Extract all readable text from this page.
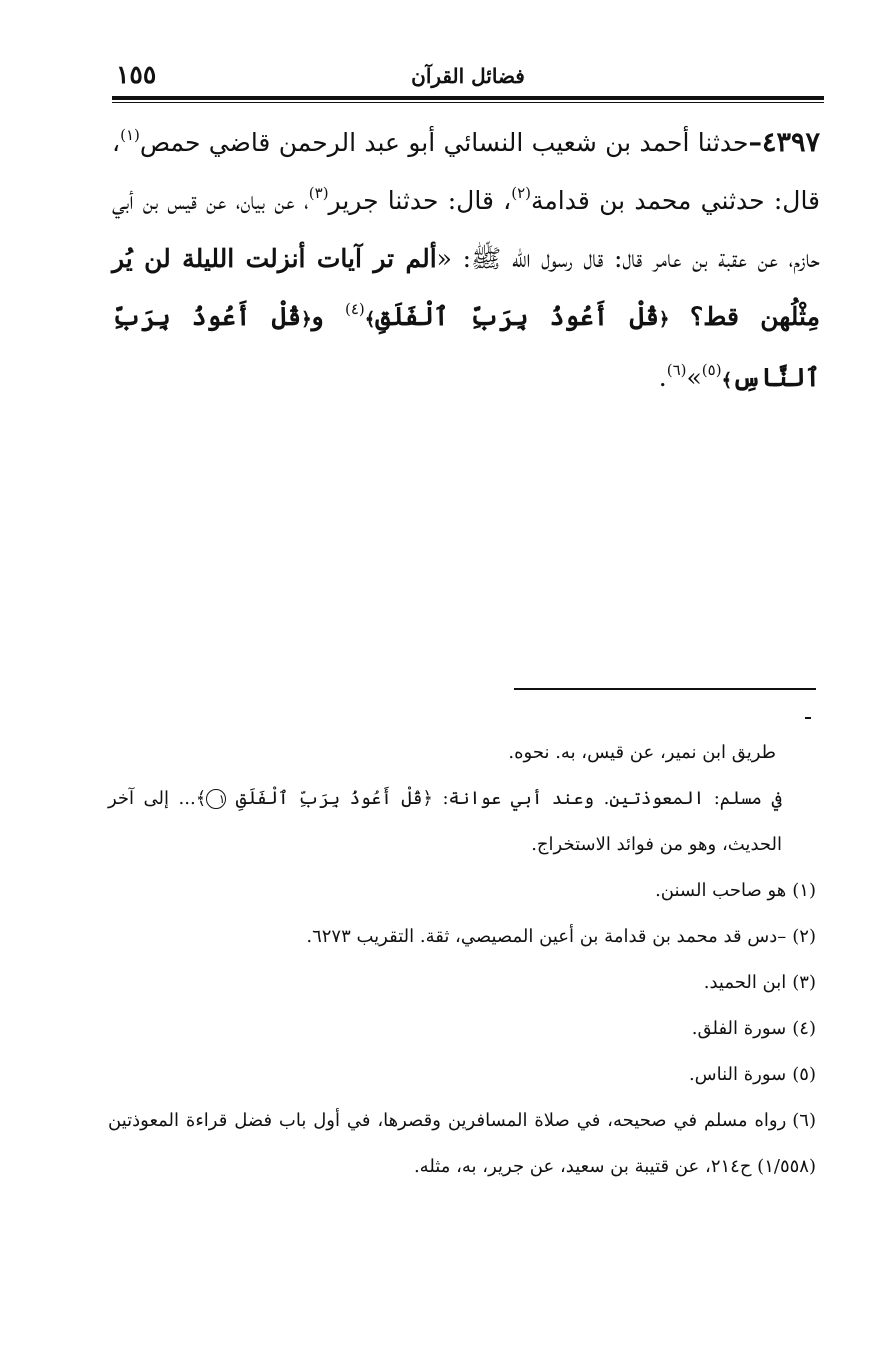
١٥٥	فضائل القرآن
٤٣٩٧–حدثنا أحمد بن شعيب النسائي أبو عبد الرحمن قاضي حمص$^{(١)}$، قال: حدثني محمد بن قدامة$^{(٢)}$، قال: حدثنا جرير$^{(٣)}$، عن بيان، عن قيس بن أبي حازم، عن عقبة بن عامر قال: قال رسول الله ﷺ: «ألم تر آيات أنزلت الليلة لن يُر مِثْلُهن قط؟ ﴿قُلْ أَعُوذُ بِرَبِّ ٱلْفَلَقِ﴾$^{(٤)}$ و﴿قُلْ أَعُوذُ بِرَبِّ ٱلنَّاسِ﴾$^{(٥)}$»$^{(٦)}$.

طريق ابن نمير، عن قيس، به. نحوه.

في مسلم: المعوذتين. وعند أبي عوانة: ﴿قُلْ أَعُوذُ بِرَبِّ ٱلْفَلَقِ ١﴾... إلى آخر الحديث، وهو من فوائد الاستخراج.

(١)هو صاحب السنن.

(٢)–دس قد محمد بن قدامة بن أعين المصيصي، ثقة. التقريب ٦٢٧٣.

(٣)ابن الحميد.

(٤)سورة الفلق.

(٥)سورة الناس.

(٦)رواه مسلم في صحيحه، في صلاة المسافرين وقصرها، في أول باب فضل قراءة المعوذتين (١/٥٥٨) ح٢١٤، عن قتيبة بن سعيد، عن جرير، به، مثله.
